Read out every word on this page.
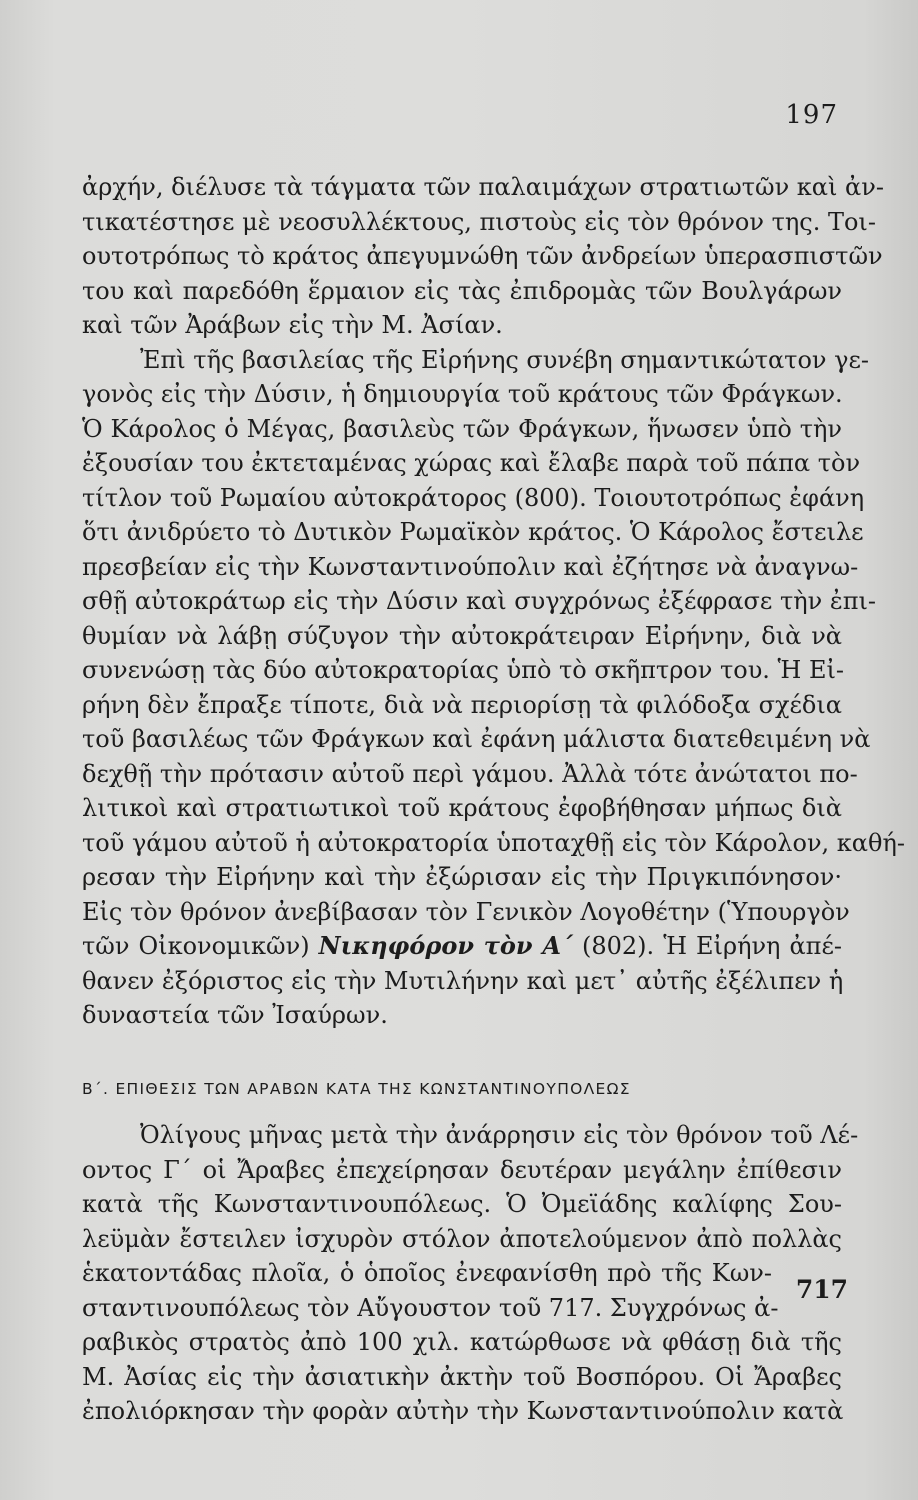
197
ἀρχήν, διέλυσε τὰ τάγματα τῶν παλαιμάχων στρατιωτῶν καὶ ἀν-
τικατέστησε μὲ νεοσυλλέκτους, πιστοὺς εἰς τὸν θρόνον της. Τοι-
ουτοτρόπως τὸ κράτος ἀπεγυμνώθη τῶν ἀνδρείων ὑπερασπιστῶν
του καὶ παρεδόθη ἕρμαιον εἰς τὰς ἐπιδρομὰς τῶν Βουλγάρων
καὶ τῶν Ἀράβων εἰς τὴν Μ. Ἀσίαν.
Ἐπὶ τῆς βασιλείας τῆς Εἰρήνης συνέβη σημαντικώτατον γε-
γονὸς εἰς τὴν Δύσιν, ἡ δημιουργία τοῦ κράτους τῶν Φράγκων.
Ὁ Κάρολος ὁ Μέγας, βασιλεὺς τῶν Φράγκων, ἥνωσεν ὑπὸ τὴν
ἐξουσίαν του ἐκτεταμένας χώρας καὶ ἔλαβε παρὰ τοῦ πάπα τὸν
τίτλον τοῦ Ρωμαίου αὐτοκράτορος (800). Τοιουτοτρόπως ἐφάνη
ὅτι ἀνιδρύετο τὸ Δυτικὸν Ρωμαϊκὸν κράτος. Ὁ Κάρολος ἔστειλε
πρεσβείαν εἰς τὴν Κωνσταντινούπολιν καὶ ἐζήτησε νὰ ἀναγνω-
σθῇ αὐτοκράτωρ εἰς τὴν Δύσιν καὶ συγχρόνως ἐξέφρασε τὴν ἐπι-
θυμίαν νὰ λάβῃ σύζυγον τὴν αὐτοκράτειραν Εἰρήνην, διὰ νὰ
συνενώσῃ τὰς δύο αὐτοκρατορίας ὑπὸ τὸ σκῆπτρον του. Ἡ Εἰ-
ρήνη δὲν ἔπραξε τίποτε, διὰ νὰ περιορίσῃ τὰ φιλόδοξα σχέδια
τοῦ βασιλέως τῶν Φράγκων καὶ ἐφάνη μάλιστα διατεθειμένη νὰ
δεχθῇ τὴν πρότασιν αὐτοῦ περὶ γάμου. Ἀλλὰ τότε ἀνώτατοι πο-
λιτικοὶ καὶ στρατιωτικοὶ τοῦ κράτους ἐφοβήθησαν μήπως διὰ
τοῦ γάμου αὐτοῦ ἡ αὐτοκρατορία ὑποταχθῇ εἰς τὸν Κάρολον, καθή-
ρεσαν τὴν Εἰρήνην καὶ τὴν ἐξώρισαν εἰς τὴν Πριγκιπόνησον·
Εἰς τὸν θρόνον ἀνεβίβασαν τὸν Γενικὸν Λογοθέτην (Ὑπουργὸν
τῶν Οἰκονομικῶν) Νικηφόρον τὸν Α΄ (802). Ἡ Εἰρήνη ἀπέ-
θανεν ἐξόριστος εἰς τὴν Μυτιλήνην καὶ μετ᾽ αὐτῆς ἐξέλιπεν ἡ
δυναστεία τῶν Ἰσαύρων.
Β΄. ΕΠΙΘΕΣΙΣ ΤΩΝ ΑΡΑΒΩΝ ΚΑΤΑ ΤΗΣ ΚΩΝΣΤΑΝΤΙΝΟΥΠΟΛΕΩΣ
Ὀλίγους μῆνας μετὰ τὴν ἀνάρρησιν εἰς τὸν θρόνον τοῦ Λέ-
οντος Γ΄ οἱ Ἄραβες ἐπεχείρησαν δευτέραν μεγάλην ἐπίθεσιν
κατὰ τῆς Κωνσταντινουπόλεως. Ὁ Ὀμεϊάδης καλίφης Σου-
λεϋμὰν ἔστειλεν ἰσχυρὸν στόλον ἀποτελούμενον ἀπὸ πολλὰς
ἑκατοντάδας πλοῖα, ὁ ὁποῖος ἐνεφανίσθη πρὸ τῆς Κων-
σταντινουπόλεως τὸν Αὔγουστον τοῦ 717. Συγχρόνως ἀ-
ραβικὸς στρατὸς ἀπὸ 100 χιλ. κατώρθωσε νὰ φθάσῃ διὰ τῆς
Μ. Ἀσίας εἰς τὴν ἀσιατικὴν ἀκτὴν τοῦ Βοσπόρου. Οἱ Ἄραβες
ἐπολιόρκησαν τὴν φορὰν αὐτὴν τὴν Κωνσταντινούπολιν κατὰ
717
